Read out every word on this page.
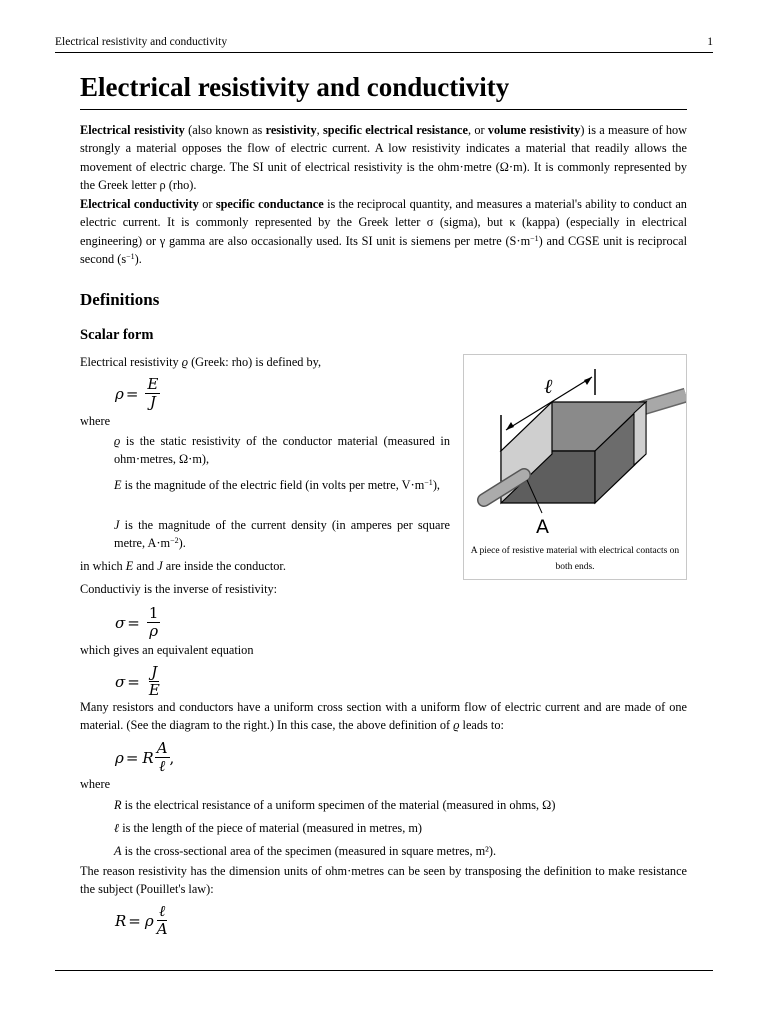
Electrical resistivity and conductivity	1
Electrical resistivity and conductivity

Electrical resistivity (also known as resistivity, specific electrical resistance, or volume resistivity) is a measure of how strongly a material opposes the flow of electric current. A low resistivity indicates a material that readily allows the movement of electric charge. The SI unit of electrical resistivity is the ohm⋅metre (Ω⋅m). It is commonly represented by the Greek letter ρ (rho).

Electrical conductivity or specific conductance is the reciprocal quantity, and measures a material's ability to conduct an electric current. It is commonly represented by the Greek letter σ (sigma), but κ (kappa) (especially in electrical engineering) or γ gamma are also occasionally used. Its SI unit is siemens per metre $(S\cdot m^{-1})$ and CGSE unit is reciprocal second $(s^{-1})$.

Definitions
Scalar form

Electrical resistivity ϱ (Greek: rho) is defined by,

$\rho = \frac{E}{J}$

where

ϱ is the static resistivity of the conductor material (measured in ohm⋅metres, Ω⋅m),

E is the magnitude of the electric field (in volts per metre, $V\cdot m^{-1}$),

J is the magnitude of the current density (in amperes per square metre, $A\cdot m^{-2}$).

in which E and J are inside the conductor.

Conductiviy is the inverse of resistivity:

$\sigma = \frac{1}{\rho}$

which gives an equivalent equation

$\sigma = \frac{J}{E}$

Many resistors and conductors have a uniform cross section with a uniform flow of electric current and are made of one material. (See the diagram to the right.) In this case, the above definition of ϱ leads to:

ρ = R $\frac{A}{\text{ℓ}}$ ,

where

R is the electrical resistance of a uniform specimen of the material (measured in ohms, Ω)

ℓ is the length of the piece of material (measured in metres, m)

A is the cross-sectional area of the specimen (measured in square metres, m²).

The reason resistivity has the dimension units of ohm⋅metres can be seen by transposing the definition to make resistance the subject (Pouillet's law):

R = ρ $\frac{\text{ℓ}}{A}$
ℓ
A
A piece of resistive material with electrical contacts on both ends.
